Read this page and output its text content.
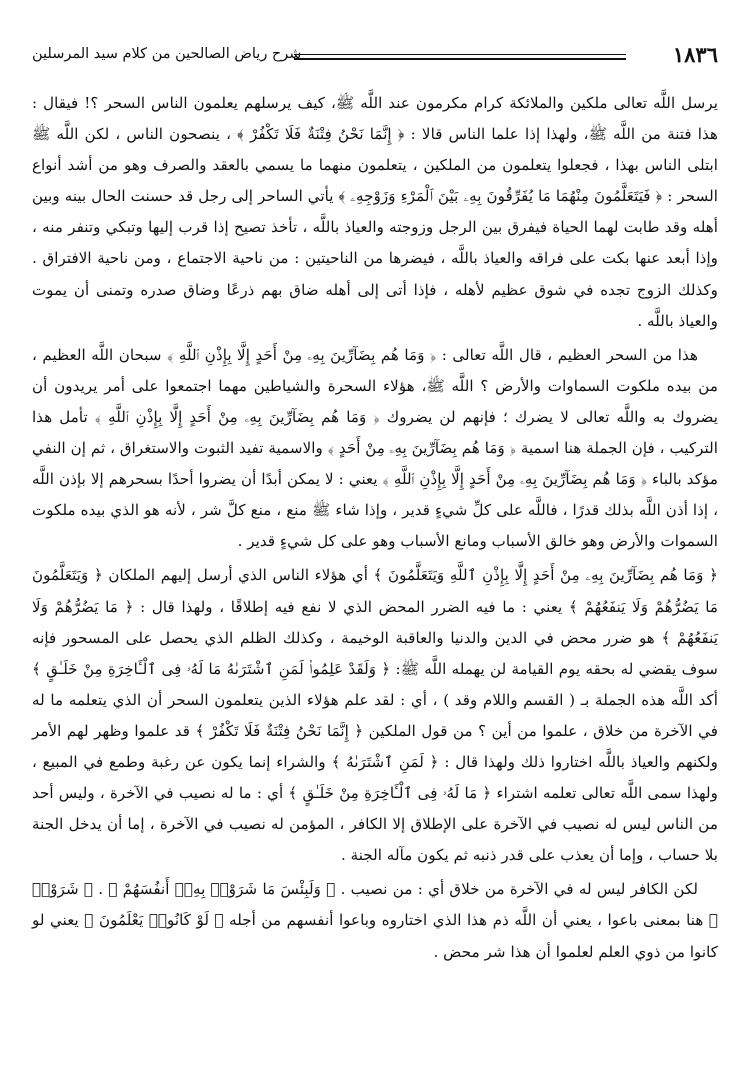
١٨٣٦
شرح رياض الصالحين من كلام سيد المرسلين

يرسل اللَّه تعالى ملكين والملائكة كرام مكرمون عند اللَّه ﷺ، كيف يرسلهم يعلمون الناس السحر ؟! فيقال : هذا فتنة من اللَّه ﷺ، ولهذا إذا علما الناس قالا : ﴿ إِنَّمَا نَحْنُ فِتْنَةٌ فَلَا تَكْفُرْ ﴾ ، ينصحون الناس ، لكن اللَّه ﷺ ابتلى الناس بهذا ، فجعلوا يتعلمون من الملكين ، يتعلمون منهما ما يسمي بالعقد والصرف وهو من أشد أنواع السحر : ﴿ فَيَتَعَلَّمُونَ مِنْهُمَا مَا يُفَرِّقُونَ بِهِۦ بَيْنَ ٱلْمَرْءِ وَزَوْجِهِۦ ﴾ يأتي الساحر إلى رجل قد حسنت الحال بينه وبين أهله وقد طابت لهما الحياة فيفرق بين الرجل وزوجته والعياذ باللَّه ، تأخذ تصيح إذا قرب إليها وتبكي وتنفر منه ، وإذا أبعد عنها بكت على فراقه والعياذ باللَّه ، فيضرها من الناحيتين : من ناحية الاجتماع ، ومن ناحية الافتراق . وكذلك الزوج تجده في شوق عظيم لأهله ، فإذا أتى إلى أهله ضاق بهم ذرعًا وضاق صدره وتمنى أن يموت والعياذ باللَّه .

هذا من السحر العظيم ، قال اللَّه تعالى : ﴿ وَمَا هُم بِضَآرِّينَ بِهِۦ مِنْ أَحَدٍ إِلَّا بِإِذْنِ ٱللَّهِ ﴾ سبحان اللَّه العظيم ، من بيده ملكوت السماوات والأرض ؟ اللَّه ﷺ، هؤلاء السحرة والشياطين مهما اجتمعوا على أمر يريدون أن يضروك به واللَّه تعالى لا يضرك ؛ فإنهم لن يضروك ﴿ وَمَا هُم بِضَآرِّينَ بِهِۦ مِنْ أَحَدٍ إِلَّا بِإِذْنِ ٱللَّهِ ﴾ تأمل هذا التركيب ، فإن الجملة هنا اسمية ﴿ وَمَا هُم بِضَآرِّينَ بِهِۦ مِنْ أَحَدٍ ﴾ والاسمية تفيد الثبوت والاستغراق ، ثم إن النفي مؤكد بالباء ﴿ وَمَا هُم بِضَآرِّينَ بِهِۦ مِنْ أَحَدٍ إِلَّا بِإِذْنِ ٱللَّهِ ﴾ يعني : لا يمكن أبدًا أن يضروا أحدًا بسحرهم إلا بإذن اللَّه ، إذا أذن اللَّه بذلك قدرًا ، فاللَّه على كلِّ شيءٍ قدير ، وإذا شاء ﷺ منع ، منع كلَّ شر ، لأنه هو الذي بيده ملكوت السموات والأرض وهو خالق الأسباب ومانع الأسباب وهو على كل شيءٍ قدير .

﴿ وَمَا هُم بِضَآرِّينَ بِهِۦ مِنْ أَحَدٍ إِلَّا بِإِذْنِ ٱللَّهِ وَيَتَعَلَّمُونَ ﴾ أي هؤلاء الناس الذي أرسل إليهم الملكان ﴿ وَيَتَعَلَّمُونَ مَا يَضُرُّهُمْ وَلَا يَنفَعُهُمْ ﴾ يعني : ما فيه الضرر المحض الذي لا نفع فيه إطلاقًا ، ولهذا قال : ﴿ مَا يَضُرُّهُمْ وَلَا يَنفَعُهُمْ ﴾ هو ضرر محض في الدين والدنيا والعاقبة الوخيمة ، وكذلك الظلم الذي يحصل على المسحور فإنه سوف يقضي له بحقه يوم القيامة لن يهمله اللَّه ﷺ: ﴿ وَلَقَدْ عَلِمُوا۟ لَمَنِ ٱشْتَرَىٰهُ مَا لَهُۥ فِى ٱلْـَٔاخِرَةِ مِنْ خَلَـٰقٍ ﴾ أكد اللَّه هذه الجملة بـ ( القسم واللام وقد ) ، أي : لقد علم هؤلاء الذين يتعلمون السحر أن الذي يتعلمه ما له في الآخرة من خلاق ، علموا من أين ؟ من قول الملكين ﴿ إِنَّمَا نَحْنُ فِتْنَةٌ فَلَا تَكْفُرْ ﴾ قد علموا وظهر لهم الأمر ولكنهم والعياذ باللَّه اختاروا ذلك ولهذا قال : ﴿ لَمَنِ ٱشْتَرَىٰهُ ﴾ والشراء إنما يكون عن رغبة وطمع في المبيع ، ولهذا سمى اللَّه تعالى تعلمه اشتراء ﴿ مَا لَهُۥ فِى ٱلْـَٔاخِرَةِ مِنْ خَلَـٰقٍ ﴾ أي : ما له نصيب في الآخرة ، وليس أحد من الناس ليس له نصيب في الآخرة على الإطلاق إلا الكافر ، المؤمن له نصيب في الآخرة ، إما أن يدخل الجنة بلا حساب ، وإما أن يعذب على قدر ذنبه ثم يكون مآله الجنة .

لكن الكافر ليس له في الآخرة من خلاق أي : من نصيب . ﴿ وَلَبِئْسَ مَا شَرَوْا۟ بِهِۦٓ أَنفُسَهُمْ ﴾ . ﴿ شَرَوْا۟ ﴾ هنا بمعنى باعوا ، يعني أن اللَّه ذم هذا الذي اختاروه وباعوا أنفسهم من أجله ﴿ لَوْ كَانُوا۟ يَعْلَمُونَ ﴾ يعني لو كانوا من ذوي العلم لعلموا أن هذا شر محض .
